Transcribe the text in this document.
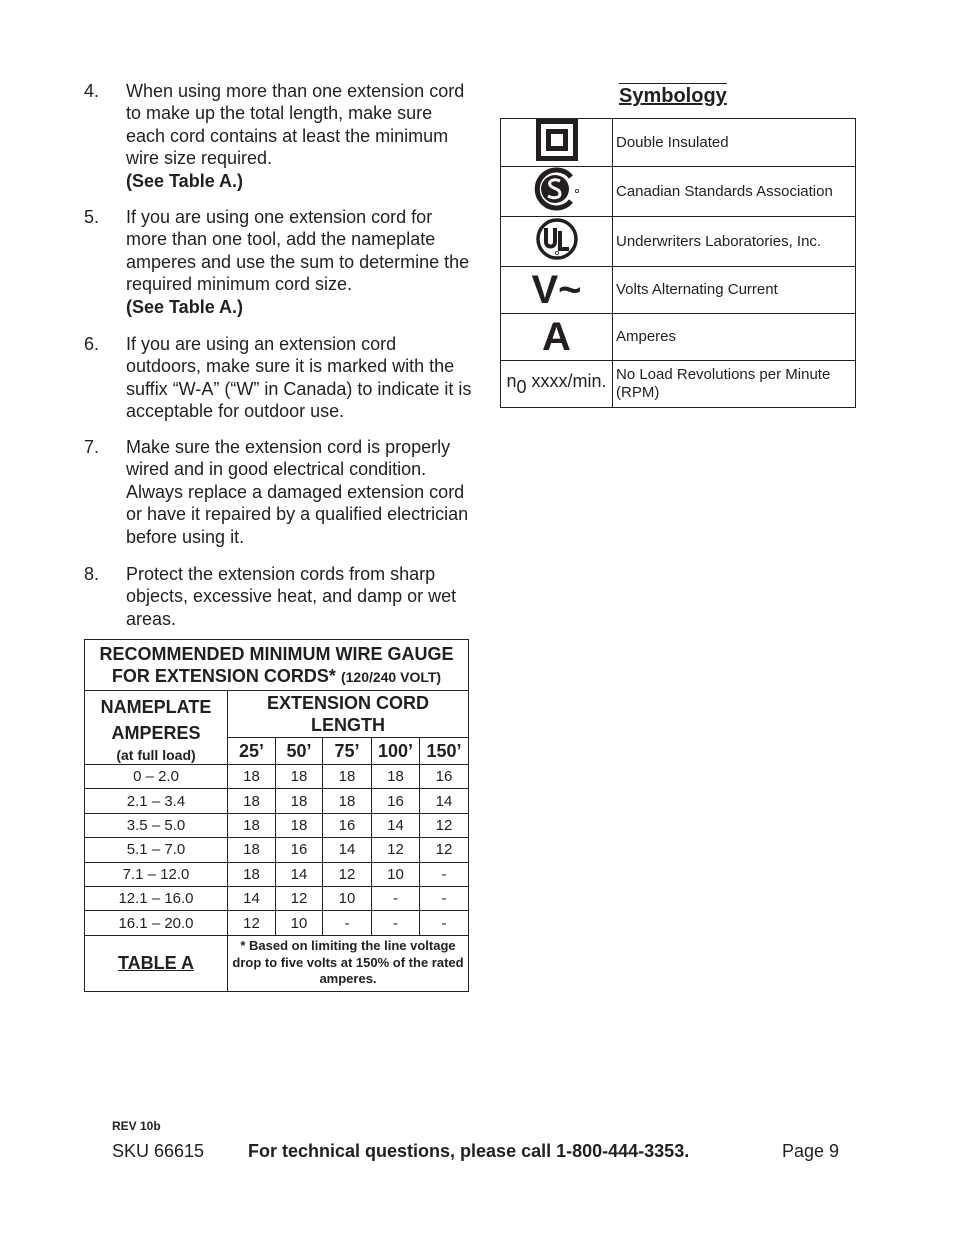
4. When using more than one extension cord to make up the total length, make sure each cord contains at least the minimum wire size required.
(See Table A.)
5. If you are using one extension cord for more than one tool, add the nameplate amperes and use the sum to determine the required minimum cord size.
(See Table A.)
6. If you are using an extension cord outdoors, make sure it is marked with the suffix “W-A” (“W” in Canada) to indicate it is acceptable for outdoor use.
7. Make sure the extension cord is properly wired and in good electrical condition. Always replace a damaged extension cord or have it repaired by a qualified electrician before using it.
8. Protect the extension cords from sharp objects, excessive heat, and damp or wet areas.
RECOMMENDED MINIMUM WIRE GAUGE FOR EXTENSION CORDS* (120/240 VOLT)					
NAMEPLATE
AMPERES
(at full load)	EXTENSION CORD LENGTH				
	25’	50’	75’	100’	150’
0 – 2.0	18	18	18	18	16
2.1 – 3.4	18	18	18	16	14
3.5 – 5.0	18	18	16	14	12
5.1 – 7.0	18	16	14	12	12
7.1 – 12.0	18	14	12	10	-
12.1 – 16.0	14	12	10	-	-
16.1 – 20.0	12	10	-	-	-
TABLE A	* Based on limiting the line voltage drop to five volts at 150% of the rated amperes.				
Symbology
	Double Insulated
	Canadian Standards Association
	Underwriters Laboratories, Inc.
V~	Volts Alternating Current
A	Amperes
$n_0$ xxxx/min.	No Load Revolutions per Minute (RPM)
REV 10b
SKU 66615 For technical questions, please call 1-800-444-3353.	Page 9
